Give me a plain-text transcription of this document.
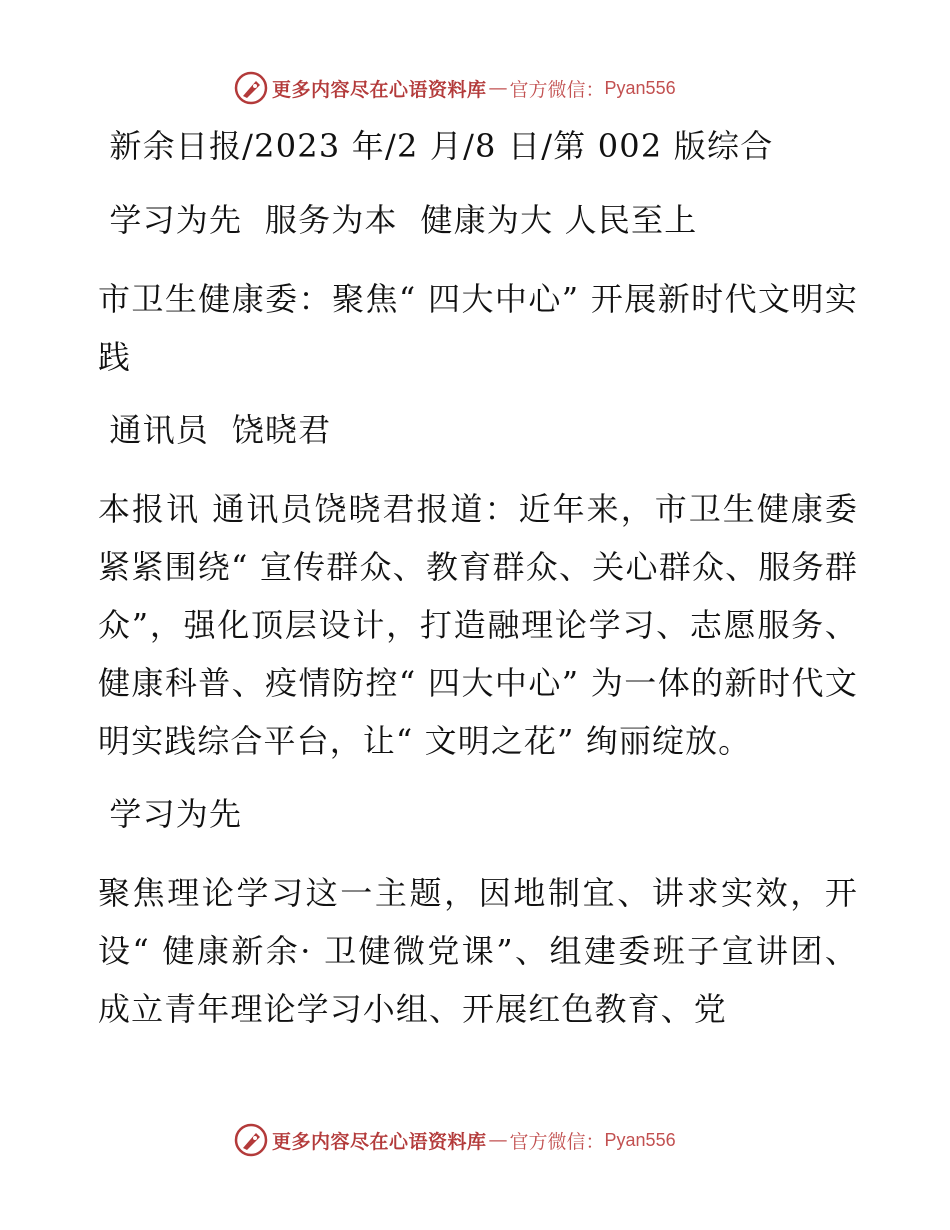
更多内容尽在心语资料库 — 官方微信： Pyan556

新余日报/2023 年/2 月/8 日/第 002 版综合

学习为先  服务为本  健康为大 人民至上

市卫生健康委：聚焦“ 四大中心” 开展新时代文明实践

通讯员  饶晓君

本报讯 通讯员饶晓君报道：近年来，市卫生健康委紧紧围绕“ 宣传群众、教育群众、关心群众、服务群众”，强化顶层设计，打造融理论学习、志愿服务、健康科普、疫情防控“ 四大中心” 为一体的新时代文明实践综合平台，让“ 文明之花” 绚丽绽放。

学习为先

聚焦理论学习这一主题，因地制宜、讲求实效，开设“ 健康新余· 卫健微党课”、组建委班子宣讲团、成立青年理论学习小组、开展红色教育、党

更多内容尽在心语资料库 — 官方微信： Pyan556
